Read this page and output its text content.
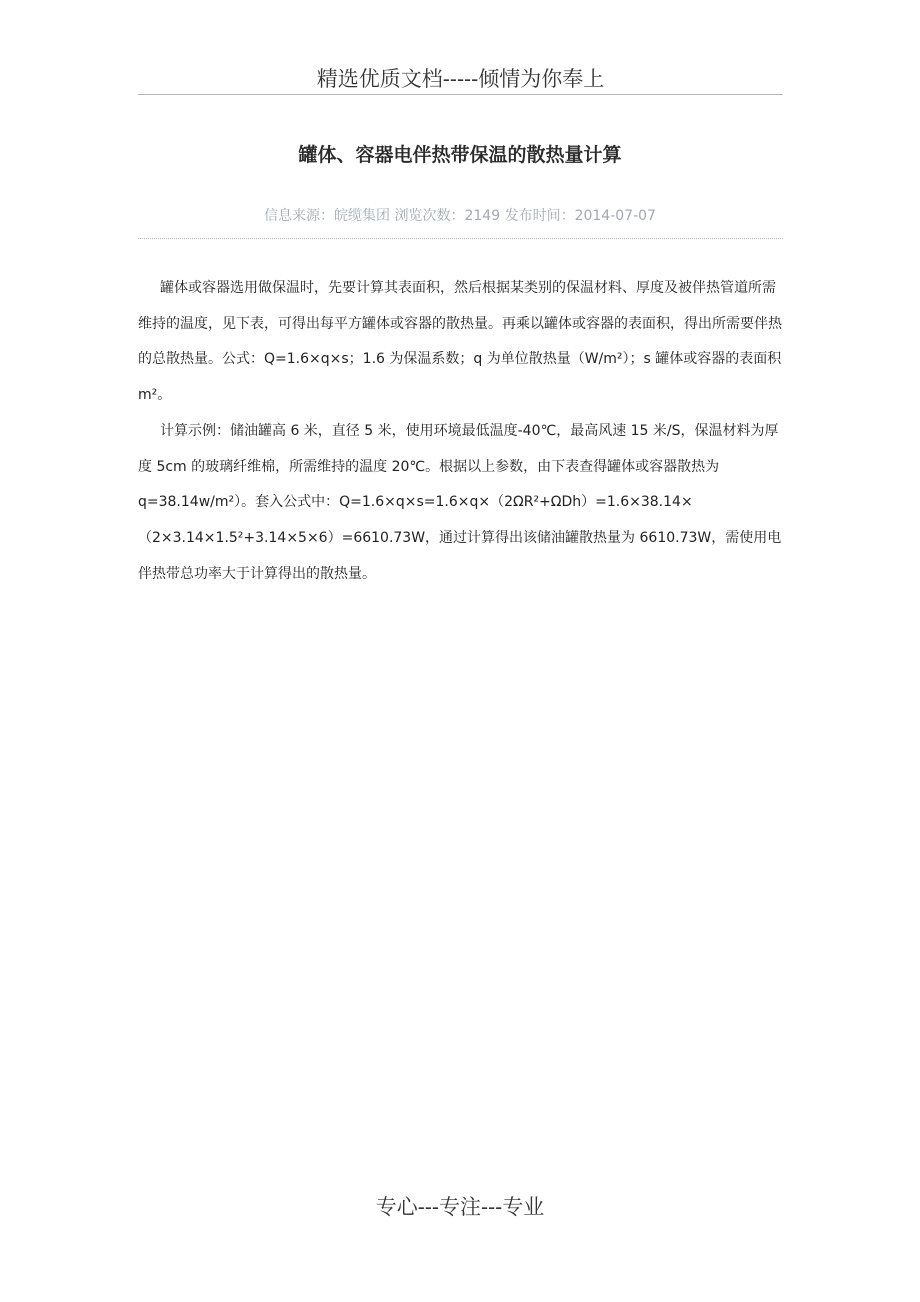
精选优质文档-----倾情为你奉上
罐体、容器电伴热带保温的散热量计算
信息来源：皖缆集团 浏览次数：2149 发布时间：2014-07-07

罐体或容器选用做保温时，先要计算其表面积，然后根据某类别的保温材料、厚度及被伴热管道所需维持的温度，见下表，可得出每平方罐体或容器的散热量。再乘以罐体或容器的表面积，得出所需要伴热的总散热量。公式：Q=1.6×q×s；1.6 为保温系数；q 为单位散热量（W/m²）；s 罐体或容器的表面积 m²。

计算示例：储油罐高 6 米，直径 5 米，使用环境最低温度-40℃，最高风速 15 米/S，保温材料为厚度 5cm 的玻璃纤维棉，所需维持的温度 20℃。根据以上参数，由下表查得罐体或容器散热为 q=38.14w/m²）。套入公式中：Q=1.6×q×s=1.6×q×（2ΩR²+ΩDh）=1.6×38.14×（2×3.14×1.5²+3.14×5×6）=6610.73W，通过计算得出该储油罐散热量为 6610.73W，需使用电伴热带总功率大于计算得出的散热量。

专心---专注---专业
